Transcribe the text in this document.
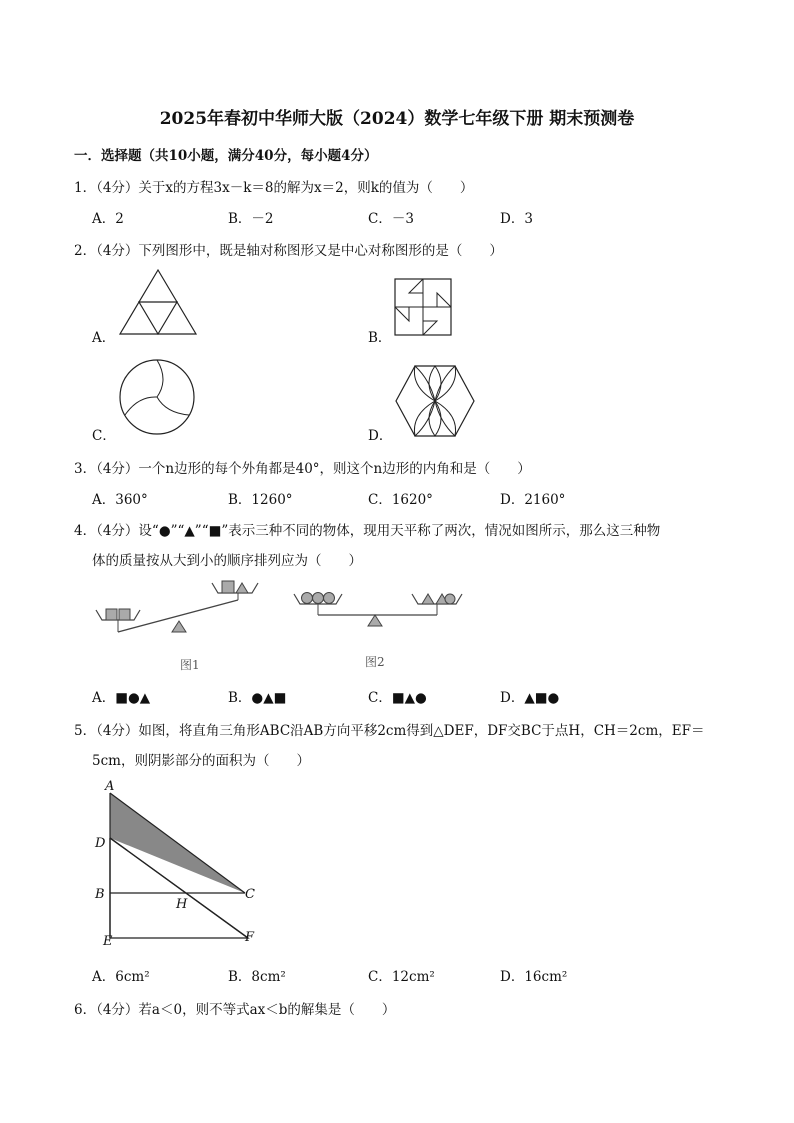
2025年春初中华师大版（2024）数学七年级下册 期末预测卷
一．选择题（共10小题，满分40分，每小题4分）
1．（4分）关于x的方程3x－k＝8的解为x＝2，则k的值为（　　）
A．2	B．－2	C．－3	D．3
2．（4分）下列图形中，既是轴对称图形又是中心对称图形的是（　　）
A．	B．
C．	D．
3．（4分）一个n边形的每个外角都是40°，则这个n边形的内角和是（　　）
A．360°	B．1260°	C．1620°	D．2160°
4．（4分）设“●”“▲”“■”表示三种不同的物体，现用天平称了两次，情况如图所示，那么这三种物
体的质量按从大到小的顺序排列应为（　　）
图1	图2
A．■●▲	B．●▲■	C．■▲●	D．▲■●
5．（4分）如图，将直角三角形ABC沿AB方向平移2cm得到△DEF，DF交BC于点H，CH＝2cm，EF＝
5cm，则阴影部分的面积为（　　）
A
D
B
H
C
E	F
A．6cm²	B．8cm²	C．12cm²	D．16cm²
6．（4分）若a＜0，则不等式ax＜b的解集是（　　）
